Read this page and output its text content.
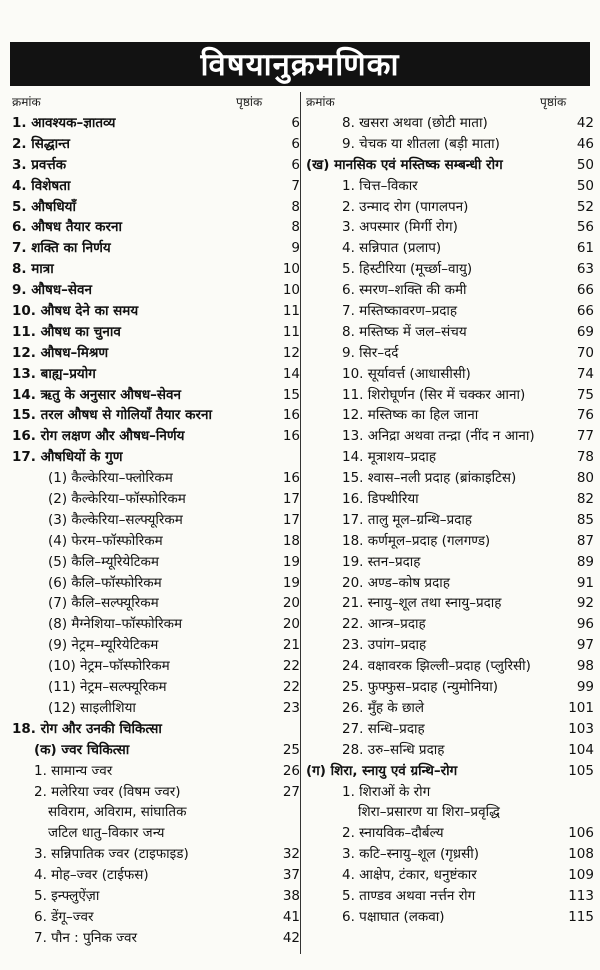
विषयानुक्रमणिका
क्रमांक	पृष्ठांक	क्रमांक	पृष्ठांक
1. आवश्यक–ज्ञातव्य	6
2. सिद्धान्त	6
3. प्रवर्त्तक	6
4. विशेषता	7
5. औषधियाँ	8
6. औषध तैयार करना	8
7. शक्ति का निर्णय	9
8. मात्रा	10
9. औषध–सेवन	10
10. औषध देने का समय	11
11. औषध का चुनाव	11
12. औषध–मिश्रण	12
13. बाह्य–प्रयोग	14
14. ऋतु के अनुसार औषध–सेवन	15
15. तरल औषध से गोलियाँ तैयार करना	16
16. रोग लक्षण और औषध–निर्णय	16
17. औषधियों के गुण
(1) कैल्केरिया–फ्लोरिकम	16
(2) कैल्केरिया–फॉस्फोरिकम	17
(3) कैल्केरिया–सल्फ्यूरिकम	17
(4) फेरम–फॉस्फोरिकम	18
(5) कैलि–म्यूरियेटिकम	19
(6) कैलि–फॉस्फोरिकम	19
(7) कैलि–सल्फ्यूरिकम	20
(8) मैग्नेशिया–फॉस्फोरिकम	20
(9) नेट्रम–म्यूरियेटिकम	21
(10) नेट्रम–फॉस्फोरिकम	22
(11) नेट्रम–सल्फ्यूरिकम	22
(12) साइलीशिया	23
18. रोग और उनकी चिकित्सा
(क) ज्वर चिकित्सा	25
1. सामान्य ज्वर	26
2. मलेरिया ज्वर (विषम ज्वर)	27
सविराम, अविराम, सांघातिक
जटिल धातु–विकार जन्य
3. सन्निपातिक ज्वर (टाइफाइड)	32
4. मोह–ज्वर (टाईफस)	37
5. इन्फ्लुऐंज़ा	38
6. डेंगू–ज्वर	41
7. पौन : पुनिक ज्वर	42
8. खसरा अथवा (छोटी माता)	42
9. चेचक या शीतला (बड़ी माता)	46
(ख) मानसिक एवं मस्तिष्क सम्बन्धी रोग	50
1. चित्त–विकार	50
2. उन्माद रोग (पागलपन)	52
3. अपस्मार (मिर्गी रोग)	56
4. सन्निपात (प्रलाप)	61
5. हिस्टीरिया (मूर्च्छा–वायु)	63
6. स्मरण–शक्ति की कमी	66
7. मस्तिष्कावरण–प्रदाह	66
8. मस्तिष्क में जल–संचय	69
9. सिर–दर्द	70
10. सूर्यावर्त्त (आधासीसी)	74
11. शिरोघूर्णन (सिर में चक्कर आना)	75
12. मस्तिष्क का हिल जाना	76
13. अनिद्रा अथवा तन्द्रा (नींद न आना)	77
14. मूत्राशय–प्रदाह	78
15. श्वास–नली प्रदाह (ब्रांकाइटिस)	80
16. डिफ्थीरिया	82
17. तालु मूल–ग्रन्थि–प्रदाह	85
18. कर्णमूल–प्रदाह (गलगण्ड)	87
19. स्तन–प्रदाह	89
20. अण्ड–कोष प्रदाह	91
21. स्नायु–शूल तथा स्नायु–प्रदाह	92
22. आन्त्र–प्रदाह	96
23. उपांग–प्रदाह	97
24. वक्षावरक झिल्ली–प्रदाह (प्लुरिसी)	98
25. फुफ्फुस–प्रदाह (न्युमोनिया)	99
26. मुँह के छाले	101
27. सन्धि–प्रदाह	103
28. उरु–सन्धि प्रदाह	104
(ग) शिरा, स्नायु एवं ग्रन्थि–रोग	105
1. शिराओं के रोग
शिरा–प्रसारण या शिरा–प्रवृद्धि
2. स्नायविक–दौर्बल्य	106
3. कटि–स्नायु–शूल (गृध्रसी)	108
4. आक्षेप, टंकार, धनुष्टंकार	109
5. ताण्डव अथवा नर्त्तन रोग	113
6. पक्षाघात (लकवा)	115
